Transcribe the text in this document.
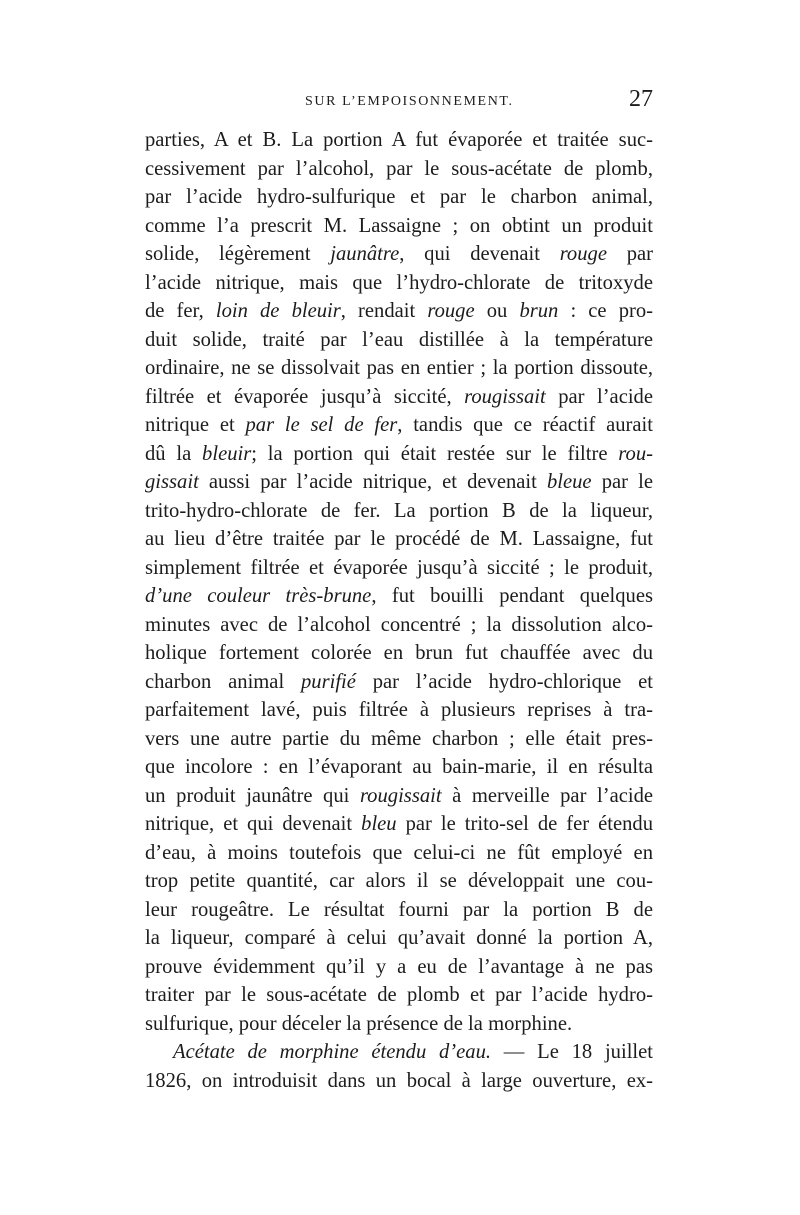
SUR L’EMPOISONNEMENT.	27
parties, A et B. La portion A fut évaporée et traitée suc-
cessivement par l’alcohol, par le sous-acétate de plomb,
par l’acide hydro-sulfurique et par le charbon animal,
comme l’a prescrit M. Lassaigne ; on obtint un produit
solide, légèrement jaunâtre, qui devenait rouge par
l’acide nitrique, mais que l’hydro-chlorate de tritoxyde
de fer, loin de bleuir, rendait rouge ou brun : ce pro-
duit solide, traité par l’eau distillée à la température
ordinaire, ne se dissolvait pas en entier ; la portion dissoute,
filtrée et évaporée jusqu’à siccité, rougissait par l’acide
nitrique et par le sel de fer, tandis que ce réactif aurait
dû la bleuir; la portion qui était restée sur le filtre rou-
gissait aussi par l’acide nitrique, et devenait bleue par le
trito-hydro-chlorate de fer. La portion B de la liqueur,
au lieu d’être traitée par le procédé de M. Lassaigne, fut
simplement filtrée et évaporée jusqu’à siccité ; le produit,
d’une couleur très-brune, fut bouilli pendant quelques
minutes avec de l’alcohol concentré ; la dissolution alco-
holique fortement colorée en brun fut chauffée avec du
charbon animal purifié par l’acide hydro-chlorique et
parfaitement lavé, puis filtrée à plusieurs reprises à tra-
vers une autre partie du même charbon ; elle était pres-
que incolore : en l’évaporant au bain-marie, il en résulta
un produit jaunâtre qui rougissait à merveille par l’acide
nitrique, et qui devenait bleu par le trito-sel de fer étendu
d’eau, à moins toutefois que celui-ci ne fût employé en
trop petite quantité, car alors il se développait une cou-
leur rougeâtre. Le résultat fourni par la portion B de
la liqueur, comparé à celui qu’avait donné la portion A,
prouve évidemment qu’il y a eu de l’avantage à ne pas
traiter par le sous-acétate de plomb et par l’acide hydro-
sulfurique, pour déceler la présence de la morphine.
Acétate de morphine étendu d’eau. — Le 18 juillet
1826, on introduisit dans un bocal à large ouverture, ex-
